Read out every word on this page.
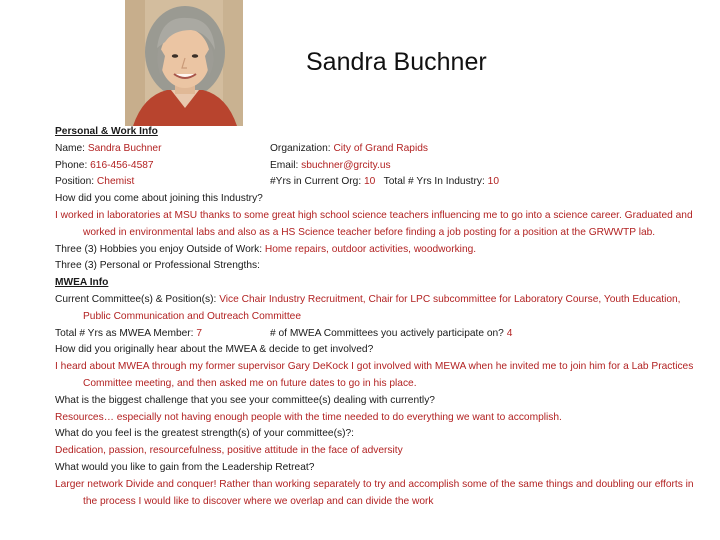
Sandra Buchner
Personal & Work Info
Name: Sandra Buchner	Organization: City of Grand Rapids
Phone: 616-456-4587	Email: sbuchner@grcity.us
Position: Chemist	#Yrs in Current Org: 10 Total # Yrs In Industry: 10
How did you come about joining this Industry?
I worked in laboratories at MSU thanks to some great high school science teachers influencing me to go into a science career. Graduated and worked in environmental labs and also as a HS Science teacher before finding a job posting for a position at the GRWWTP lab.
Three (3) Hobbies you enjoy Outside of Work: Home repairs, outdoor activities, woodworking.
Three (3) Personal or Professional Strengths:
MWEA Info
Current Committee(s) & Position(s): Vice Chair Industry Recruitment, Chair for LPC subcommittee for Laboratory Course, Youth Education, Public Communication and Outreach Committee
Total # Yrs as MWEA Member: 7	# of MWEA Committees you actively participate on? 4
How did you originally hear about the MWEA & decide to get involved?
I heard about MWEA through my former supervisor Gary DeKock I got involved with MEWA when he invited me to join him for a Lab Practices Committee meeting, and then asked me on future dates to go in his place.
What is the biggest challenge that you see your committee(s) dealing with currently?
Resources… especially not having enough people with the time needed to do everything we want to accomplish.
What do you feel is the greatest strength(s) of your committee(s)?:
Dedication, passion, resourcefulness, positive attitude in the face of adversity
What would you like to gain from the Leadership Retreat?
Larger network Divide and conquer! Rather than working separately to try and accomplish some of the same things and doubling our efforts in the process I would like to discover where we overlap and can divide the work
